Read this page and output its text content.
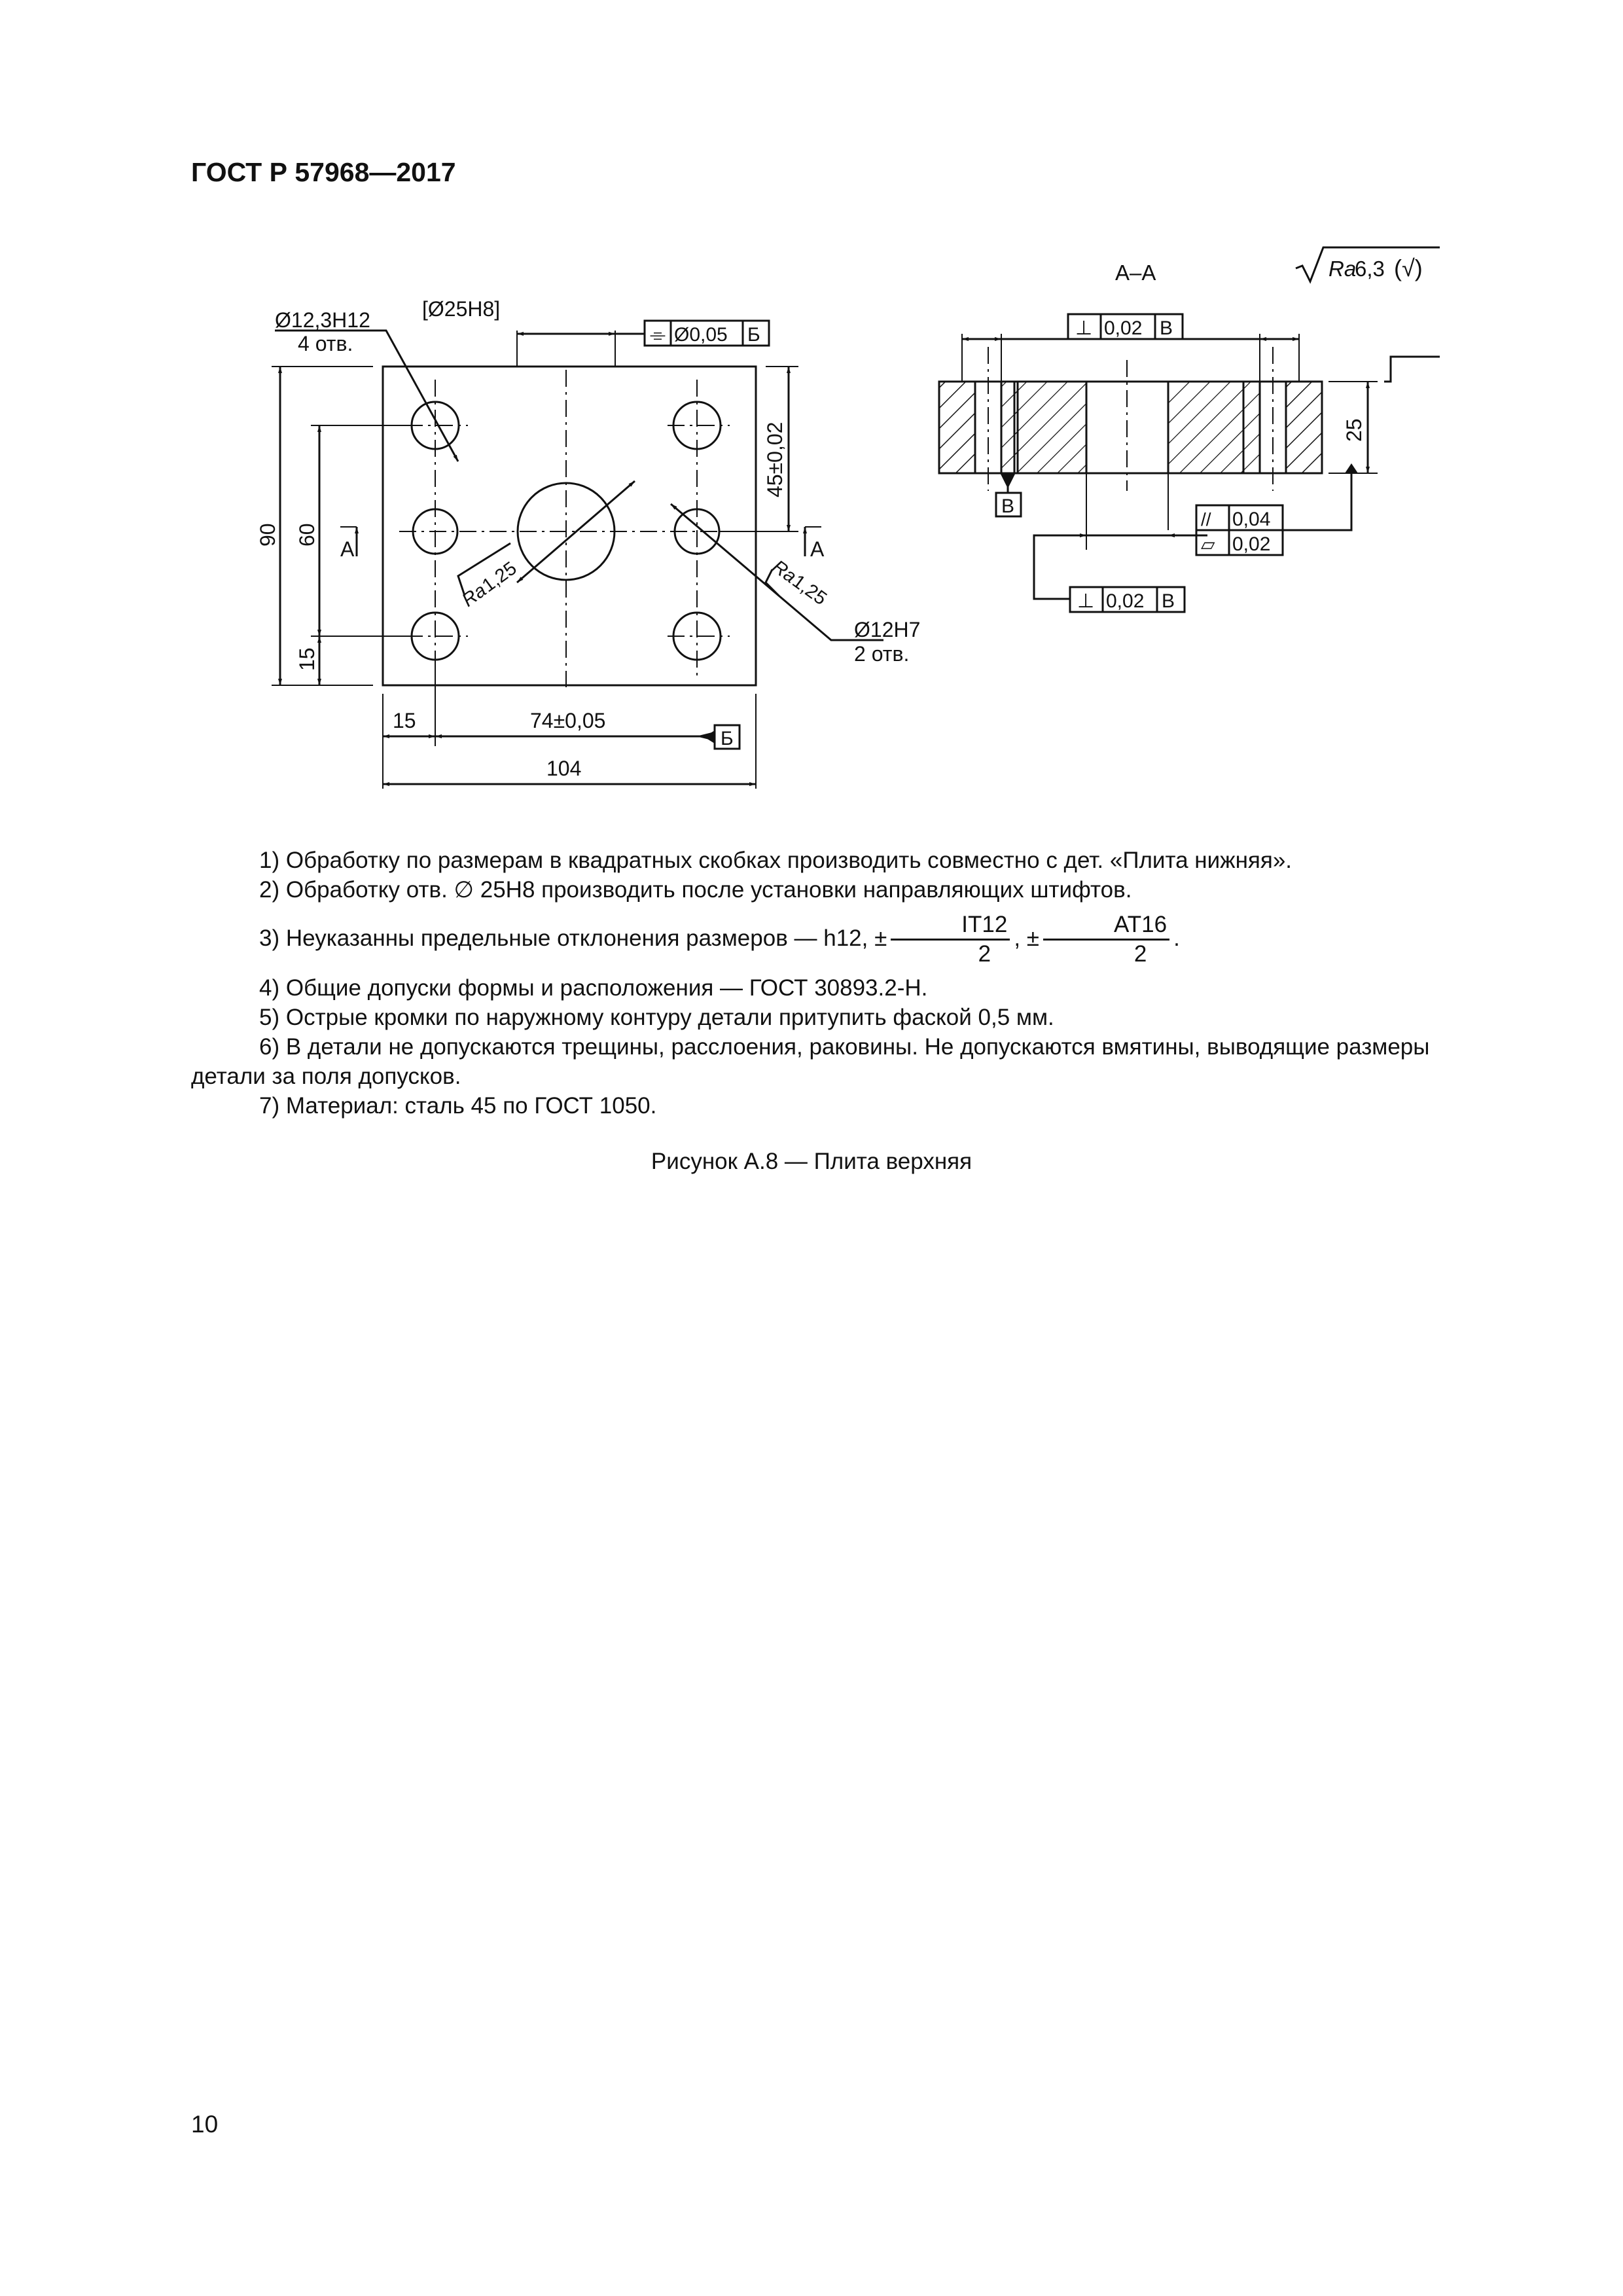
ГОСТ Р 57968—2017
А–А	Ra
6,3 (√)
Ø12,3H12
4 отв.
[Ø25H8]
⌯ Ø0,05 Б	⊥ 0,02 В
// 0,04
▱ 0,02
⊥ 0,02 В
Б
В
90 60
15
45±0,02	25
15	74±0,05
104
А	А
Ra
1,25	Ra
1,25
Ø12H7
2 отв.

1) Обработку по размерам в квадратных скобках производить совместно с дет. «Плита нижняя».

2) Обработку отв. ∅ 25H8 производить после установки направляющих штифтов.

3) Неуказанны предельные отклонения размеров — h12, ± $\frac{IT12}{2}$ , ± $\frac{AT16}{2}$ .

4) Общие допуски формы и расположения — ГОСТ 30893.2-Н.

5) Острые кромки по наружному контуру детали притупить фаской 0,5 мм.

6) В детали не допускаются трещины, расслоения, раковины. Не допускаются вмятины, выводящие размеры детали за поля допусков.

7) Материал: сталь 45 по ГОСТ 1050.

Рисунок А.8 — Плита верхняя
10
